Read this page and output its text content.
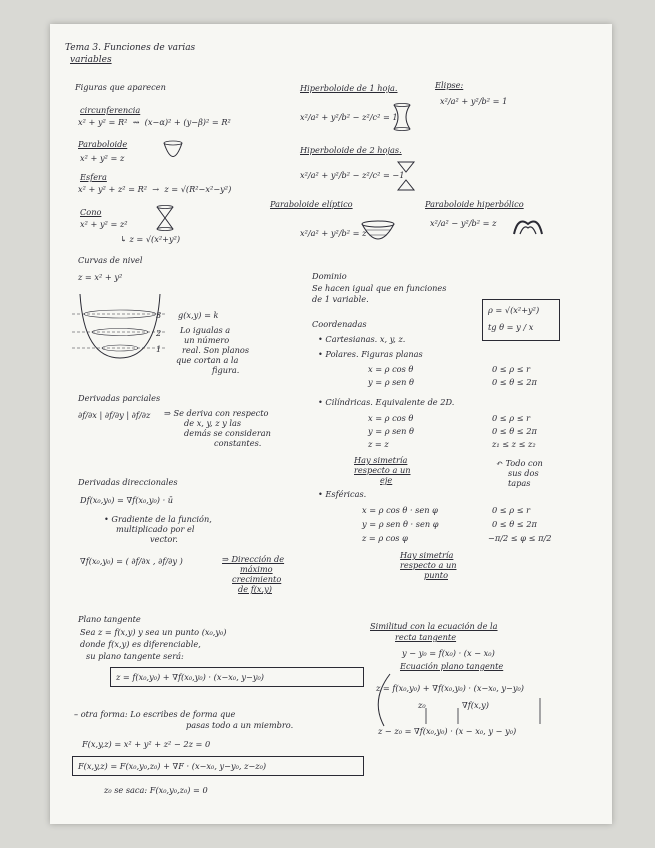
Tema 3. Funciones de varias
variables
Figuras que aparecen
circunferencia
x² + y² = R²  ⇝  (x−α)² + (y−β)² = R²
Paraboloide
x² + y² = z
Esfera
x² + y² + z² = R²  →  z = √(R²−x²−y²)
Cono
x² + y² = z²
↳ z = √(x²+y²)
Hiperboloide de 1 hoja.
x²/a² + y²/b² − z²/c² = 1
Elipse:
x²/a² + y²/b² = 1
Hiperboloide de 2 hojas.
x²/a² + y²/b² − z²/c² = −1
Paraboloide elíptico
x²/a² + y²/b² = z
Paraboloide hiperbólico
x²/a² − y²/b² = z
Curvas de nivel
z = x² + y²
3
2
1
g(x,y) = k
Lo igualas a
un número
real. Son planos
que cortan a la
figura.
Dominio
Se hacen igual que en funciones
de 1 variable.
ρ = √(x²+y²)
tg θ = y / x
Coordenadas
• Cartesianas. x, y, z.
• Polares. Figuras planas
x = ρ cos θ
y = ρ sen θ
0 ≤ ρ ≤ r
0 ≤ θ ≤ 2π
• Cilíndricas. Equivalente de 2D.
x = ρ cos θ
y = ρ sen θ
z = z
0 ≤ ρ ≤ r
0 ≤ θ ≤ 2π
z₁ ≤ z ≤ z₂
Hay simetría
respecto a un
eje
↶ Todo con
sus dos
tapas
• Esféricas.
x = ρ cos θ · sen φ
y = ρ sen θ · sen φ
z = ρ cos φ
0 ≤ ρ ≤ r
0 ≤ θ ≤ 2π
−π/2 ≤ φ ≤ π/2
Hay simetría
respecto a un
punto
Derivadas parciales
∂f/∂x | ∂f/∂y | ∂f/∂z ⇒ Se deriva con respecto
de x, y, z y las
demás se consideran
constantes.
Derivadas direccionales
Df(x₀,y₀) = ∇f(x₀,y₀) · ū
• Gradiente de la función,
multiplicado por el
vector.
∇f(x₀,y₀) = ( ∂f/∂x , ∂f/∂y )	⇒ Dirección de
máximo
crecimiento
de f(x,y)
Plano tangente
Sea z = f(x,y) y sea un punto (x₀,y₀)
donde f(x,y) es diferenciable,
su plano tangente será:
z = f(x₀,y₀) + ∇f(x₀,y₀) · (x−x₀, y−y₀)
– otra forma: Lo escribes de forma que
pasas todo a un miembro.
F(x,y,z) = x² + y² + z² − 2z = 0
F(x,y,z) = F(x₀,y₀,z₀) + ∇F · (x−x₀, y−y₀, z−z₀)
z₀ se saca: F(x₀,y₀,z₀) = 0
Similitud con la ecuación de la
recta tangente
y − y₀ = f(x₀) · (x − x₀)
Ecuación plano tangente
z = f(x₀,y₀) + ∇f(x₀,y₀) · (x−x₀, y−y₀)
z₀	∇f(x,y)
z − z₀ = ∇f(x₀,y₀) · (x − x₀, y − y₀)
